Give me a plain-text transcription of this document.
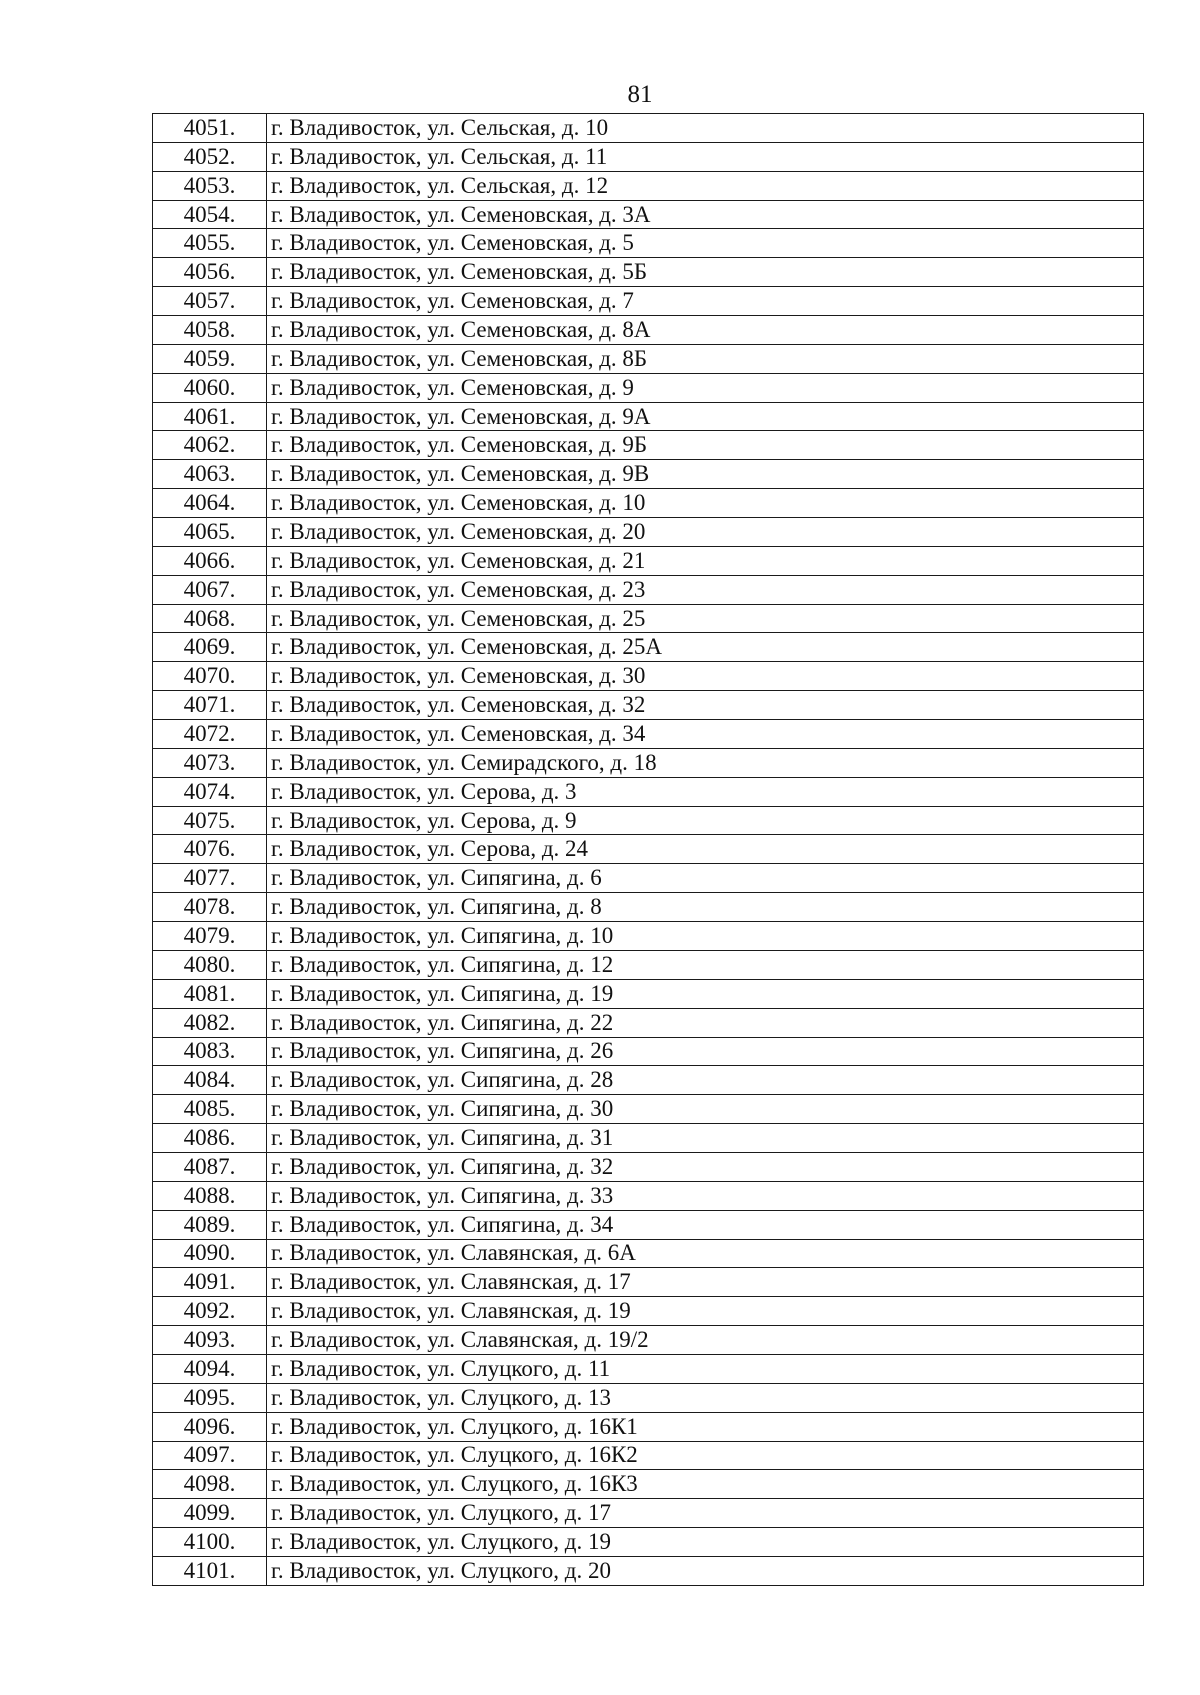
81
4051.	г. Владивосток, ул. Сельская, д. 10
4052.	г. Владивосток, ул. Сельская, д. 11
4053.	г. Владивосток, ул. Сельская, д. 12
4054.	г. Владивосток, ул. Семеновская, д. 3А
4055.	г. Владивосток, ул. Семеновская, д. 5
4056.	г. Владивосток, ул. Семеновская, д. 5Б
4057.	г. Владивосток, ул. Семеновская, д. 7
4058.	г. Владивосток, ул. Семеновская, д. 8А
4059.	г. Владивосток, ул. Семеновская, д. 8Б
4060.	г. Владивосток, ул. Семеновская, д. 9
4061.	г. Владивосток, ул. Семеновская, д. 9А
4062.	г. Владивосток, ул. Семеновская, д. 9Б
4063.	г. Владивосток, ул. Семеновская, д. 9В
4064.	г. Владивосток, ул. Семеновская, д. 10
4065.	г. Владивосток, ул. Семеновская, д. 20
4066.	г. Владивосток, ул. Семеновская, д. 21
4067.	г. Владивосток, ул. Семеновская, д. 23
4068.	г. Владивосток, ул. Семеновская, д. 25
4069.	г. Владивосток, ул. Семеновская, д. 25А
4070.	г. Владивосток, ул. Семеновская, д. 30
4071.	г. Владивосток, ул. Семеновская, д. 32
4072.	г. Владивосток, ул. Семеновская, д. 34
4073.	г. Владивосток, ул. Семирадского, д. 18
4074.	г. Владивосток, ул. Серова, д. 3
4075.	г. Владивосток, ул. Серова, д. 9
4076.	г. Владивосток, ул. Серова, д. 24
4077.	г. Владивосток, ул. Сипягина, д. 6
4078.	г. Владивосток, ул. Сипягина, д. 8
4079.	г. Владивосток, ул. Сипягина, д. 10
4080.	г. Владивосток, ул. Сипягина, д. 12
4081.	г. Владивосток, ул. Сипягина, д. 19
4082.	г. Владивосток, ул. Сипягина, д. 22
4083.	г. Владивосток, ул. Сипягина, д. 26
4084.	г. Владивосток, ул. Сипягина, д. 28
4085.	г. Владивосток, ул. Сипягина, д. 30
4086.	г. Владивосток, ул. Сипягина, д. 31
4087.	г. Владивосток, ул. Сипягина, д. 32
4088.	г. Владивосток, ул. Сипягина, д. 33
4089.	г. Владивосток, ул. Сипягина, д. 34
4090.	г. Владивосток, ул. Славянская, д. 6А
4091.	г. Владивосток, ул. Славянская, д. 17
4092.	г. Владивосток, ул. Славянская, д. 19
4093.	г. Владивосток, ул. Славянская, д. 19/2
4094.	г. Владивосток, ул. Слуцкого, д. 11
4095.	г. Владивосток, ул. Слуцкого, д. 13
4096.	г. Владивосток, ул. Слуцкого, д. 16К1
4097.	г. Владивосток, ул. Слуцкого, д. 16К2
4098.	г. Владивосток, ул. Слуцкого, д. 16К3
4099.	г. Владивосток, ул. Слуцкого, д. 17
4100.	г. Владивосток, ул. Слуцкого, д. 19
4101.	г. Владивосток, ул. Слуцкого, д. 20
